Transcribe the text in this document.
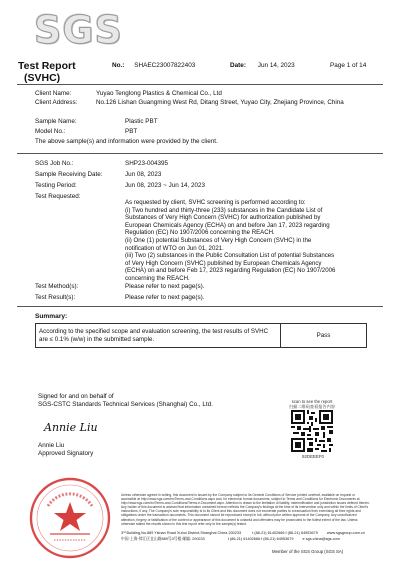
SGS
Test Report
(SVHC)
No.: SHAEC23007822403	Date: Jun 14, 2023	Page 1 of 14
Client Name:	Yuyao Tenglong Plastics & Chemical Co., Ltd
Client Address:	No.126 Lishan Guangming West Rd, Ditang Street, Yuyao City, Zhejiang Province, China
Sample Name:	Plastic PBT
Model No.:	PBT
The above sample(s) and information were provided by the client.
SGS Job No.:	SHP23-004395
Sample Receiving Date:	Jun 08, 2023
Testing Period:	Jun 08, 2023 ~ Jun 14, 2023
Test Requested:

As requested by client, SVHC screening is performed according to:
(i) Two hundred and thirty-three (233) substances in the Candidate List of
Substances of Very High Concern (SVHC) for authorization published by
European Chemicals Agency (ECHA) on and before Jan 17, 2023 regarding
Regulation (EC) No 1907/2006 concerning the REACH.
(ii) One (1) potential Substances of Very High Concern (SVHC) in the
notification of WTO on Jun 01, 2021.
(iii) Two (2) substances in the Public Consultation List of potential Substances
of Very High Concern (SVHC) published by European Chemicals Agency
(ECHA) on and before Feb 17, 2023 regarding Regulation (EC) No 1907/2006
concerning the REACH.

Test Method(s):	Please refer to next page(s).
Test Result(s):	Please refer to next page(s).
Summary:
According to the specified scope and evaluation screening, the test results of SVHC are ≤ 0.1% (w/w) in the submitted sample.	Pass
Signed for and on behalf of
SGS-CSTC Standards Technical Services (Shanghai) Co., Ltd.
Annie Liu
Annie Liu
Approved Signatory
scan to see the report
扫描二维码查看报告内容
92DEEEF0
Unless otherwise agreed in writing, this document is issued by the Company subject to its General Conditions of Service printed overleaf, available on request or accessible at http://www.sgs.com/en/Terms-and-Conditions.aspx and, for electronic format documents, subject to Terms and Conditions for Electronic Documents at http://www.sgs.com/en/Terms-and-Conditions/Terms-e-Document.aspx. Attention is drawn to the limitation of liability, indemnification and jurisdiction issues defined therein. Any holder of this document is advised that information contained hereon reflects the Company's findings at the time of its intervention only and within the limits of Client's instructions, if any. The Company's sole responsibility is to its Client and this document does not exonerate parties to a transaction from exercising all their rights and obligations under the transaction documents. This document cannot be reproduced except in full, without prior written approval of the Company. Any unauthorized alteration, forgery or falsification of the content or appearance of this document is unlawful and offenders may be prosecuted to the fullest extent of the law. Unless otherwise stated the results shown in this test report refer only to the sample(s) tested.
3ʳᵈ Building,No.889 Yishan Road Xuhui District,Shanghai China 200233	t (86-21) 61402666 f (86-21) 64953679 www.sgsgroup.com.cn
中国·上海·徐汇区宜山路889号3号楼 邮编: 200233	t (86-21) 61402666 f (86-21) 64953679 e sgs.china@sgs.com
Member of the SGS Group (SGS SA)
